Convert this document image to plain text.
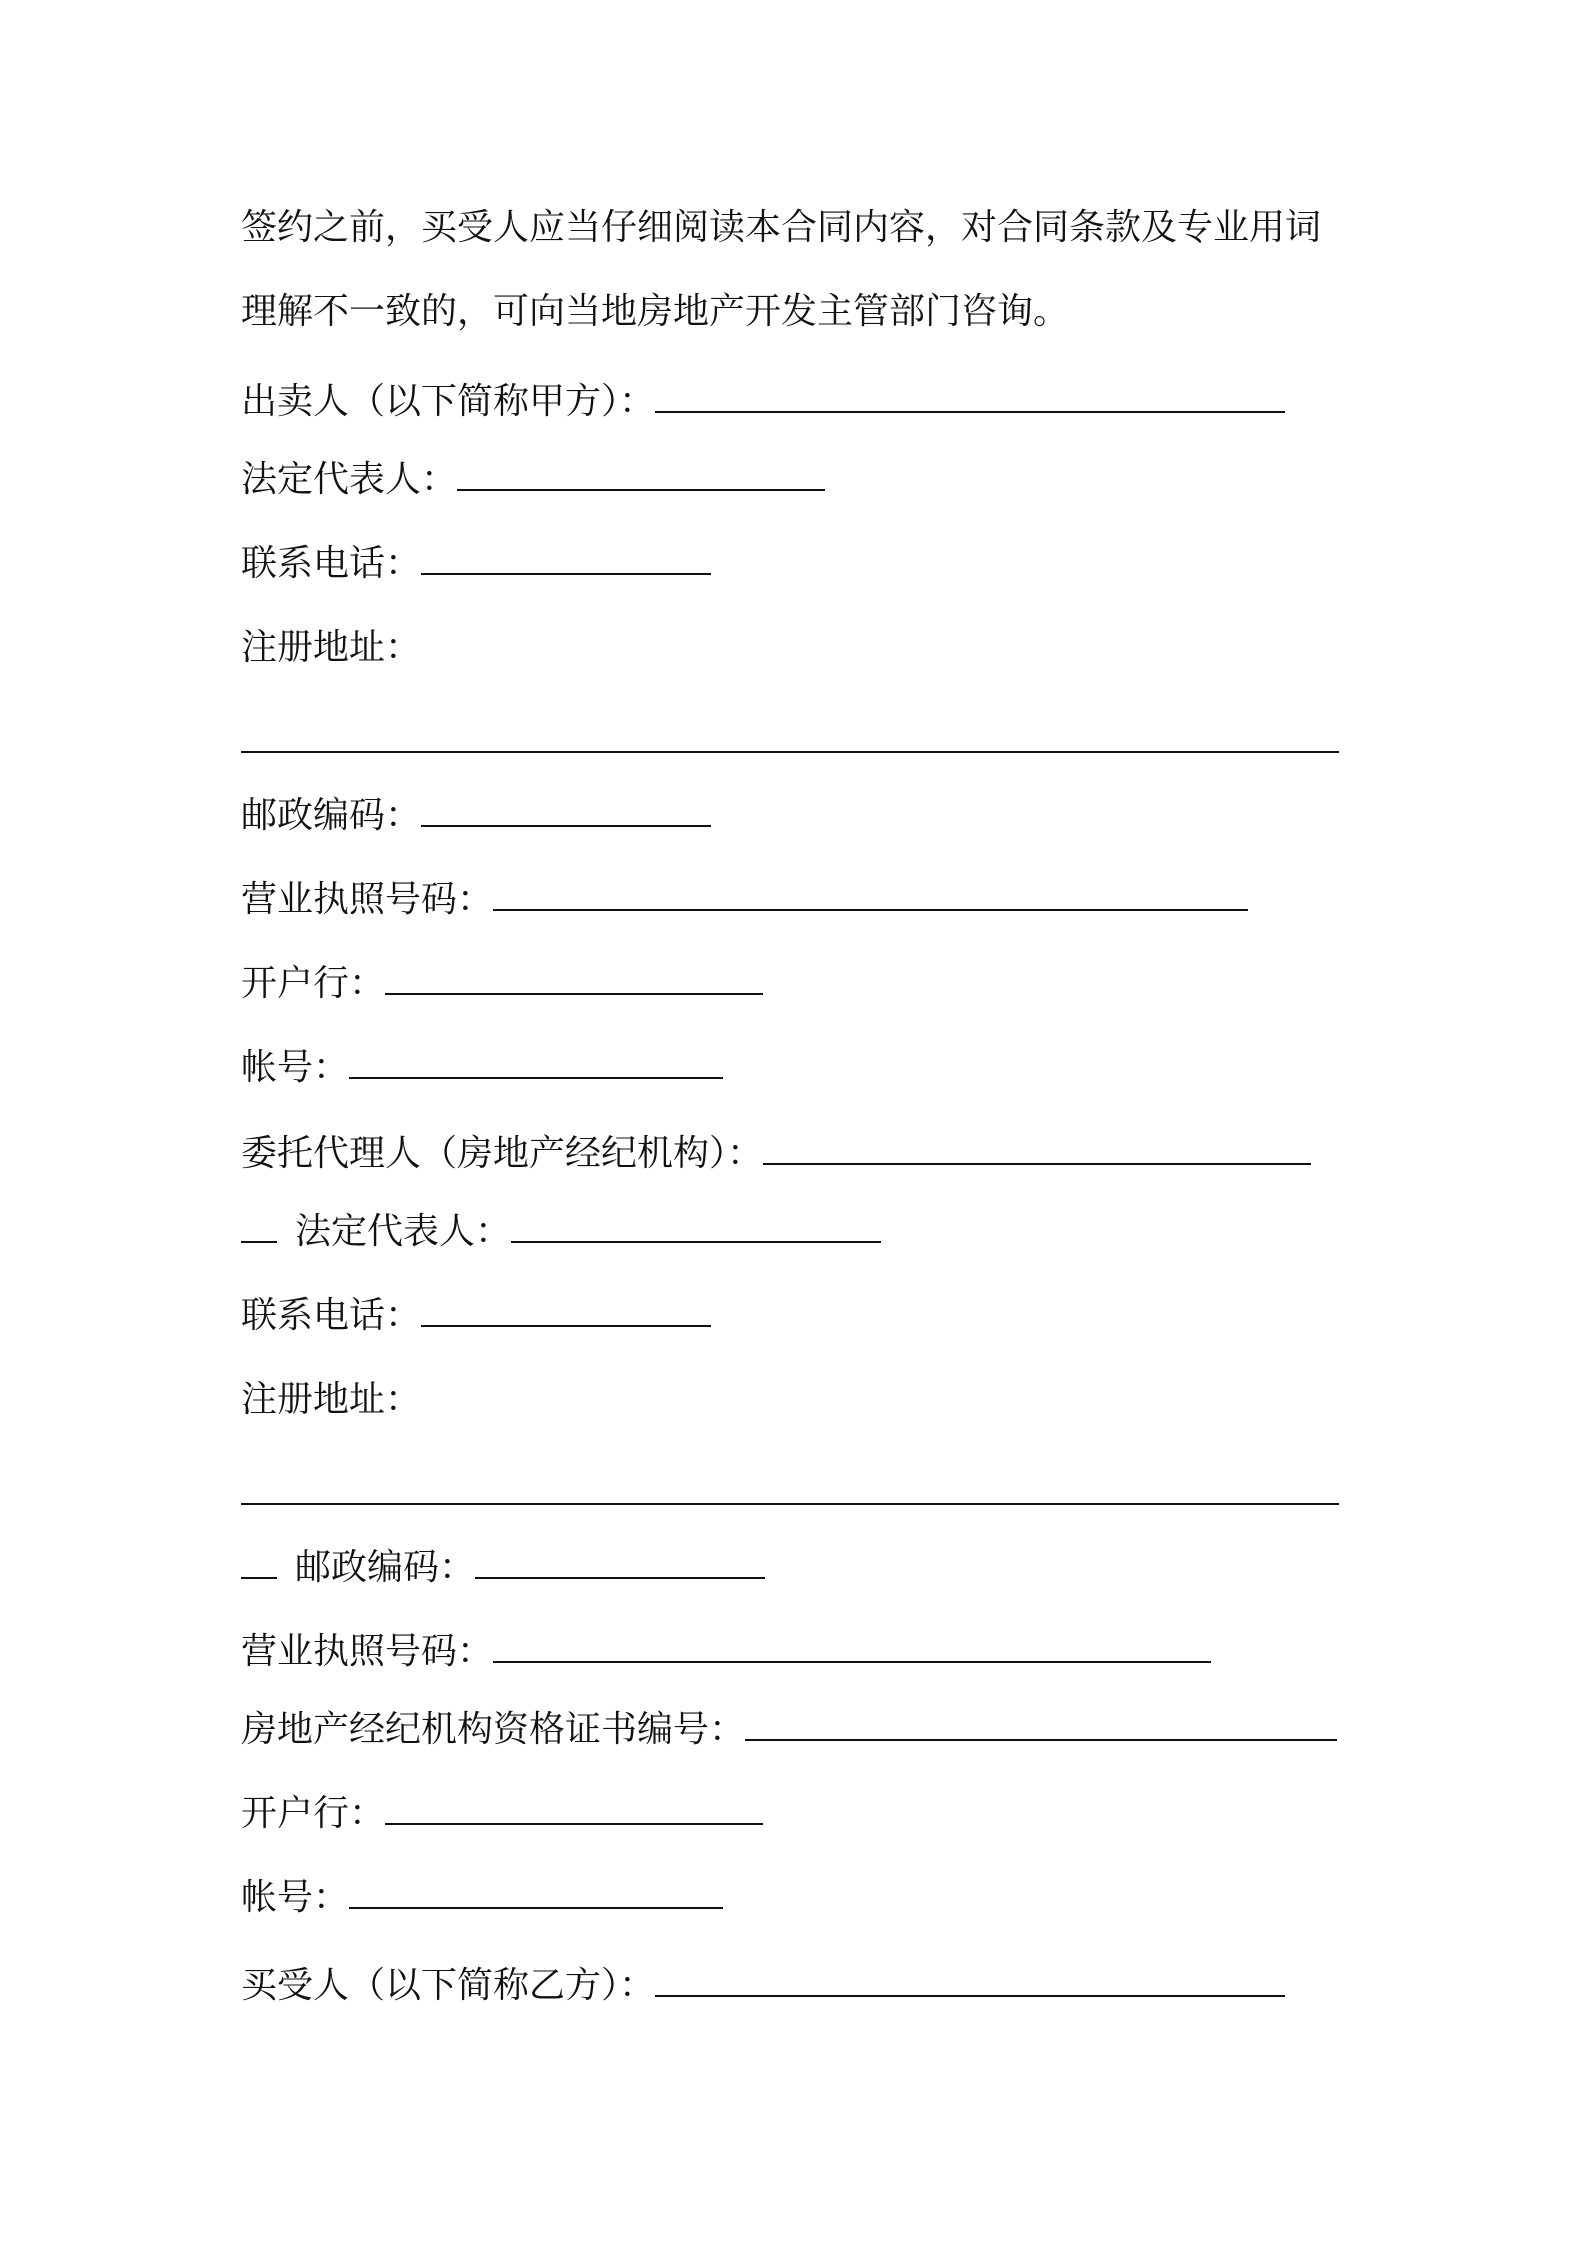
签约之前，买受人应当仔细阅读本合同内容，对合同条款及专业用词
理解不一致的，可向当地房地产开发主管部门咨询。
出卖人（以下简称甲方）：
法定代表人：
联系电话：
注册地址：
邮政编码：
营业执照号码：
开户行：
帐号：
委托代理人（房地产经纪机构）：
法定代表人：
联系电话：
注册地址：
邮政编码：
营业执照号码：
房地产经纪机构资格证书编号：
开户行：
帐号：
买受人（以下简称乙方）：
